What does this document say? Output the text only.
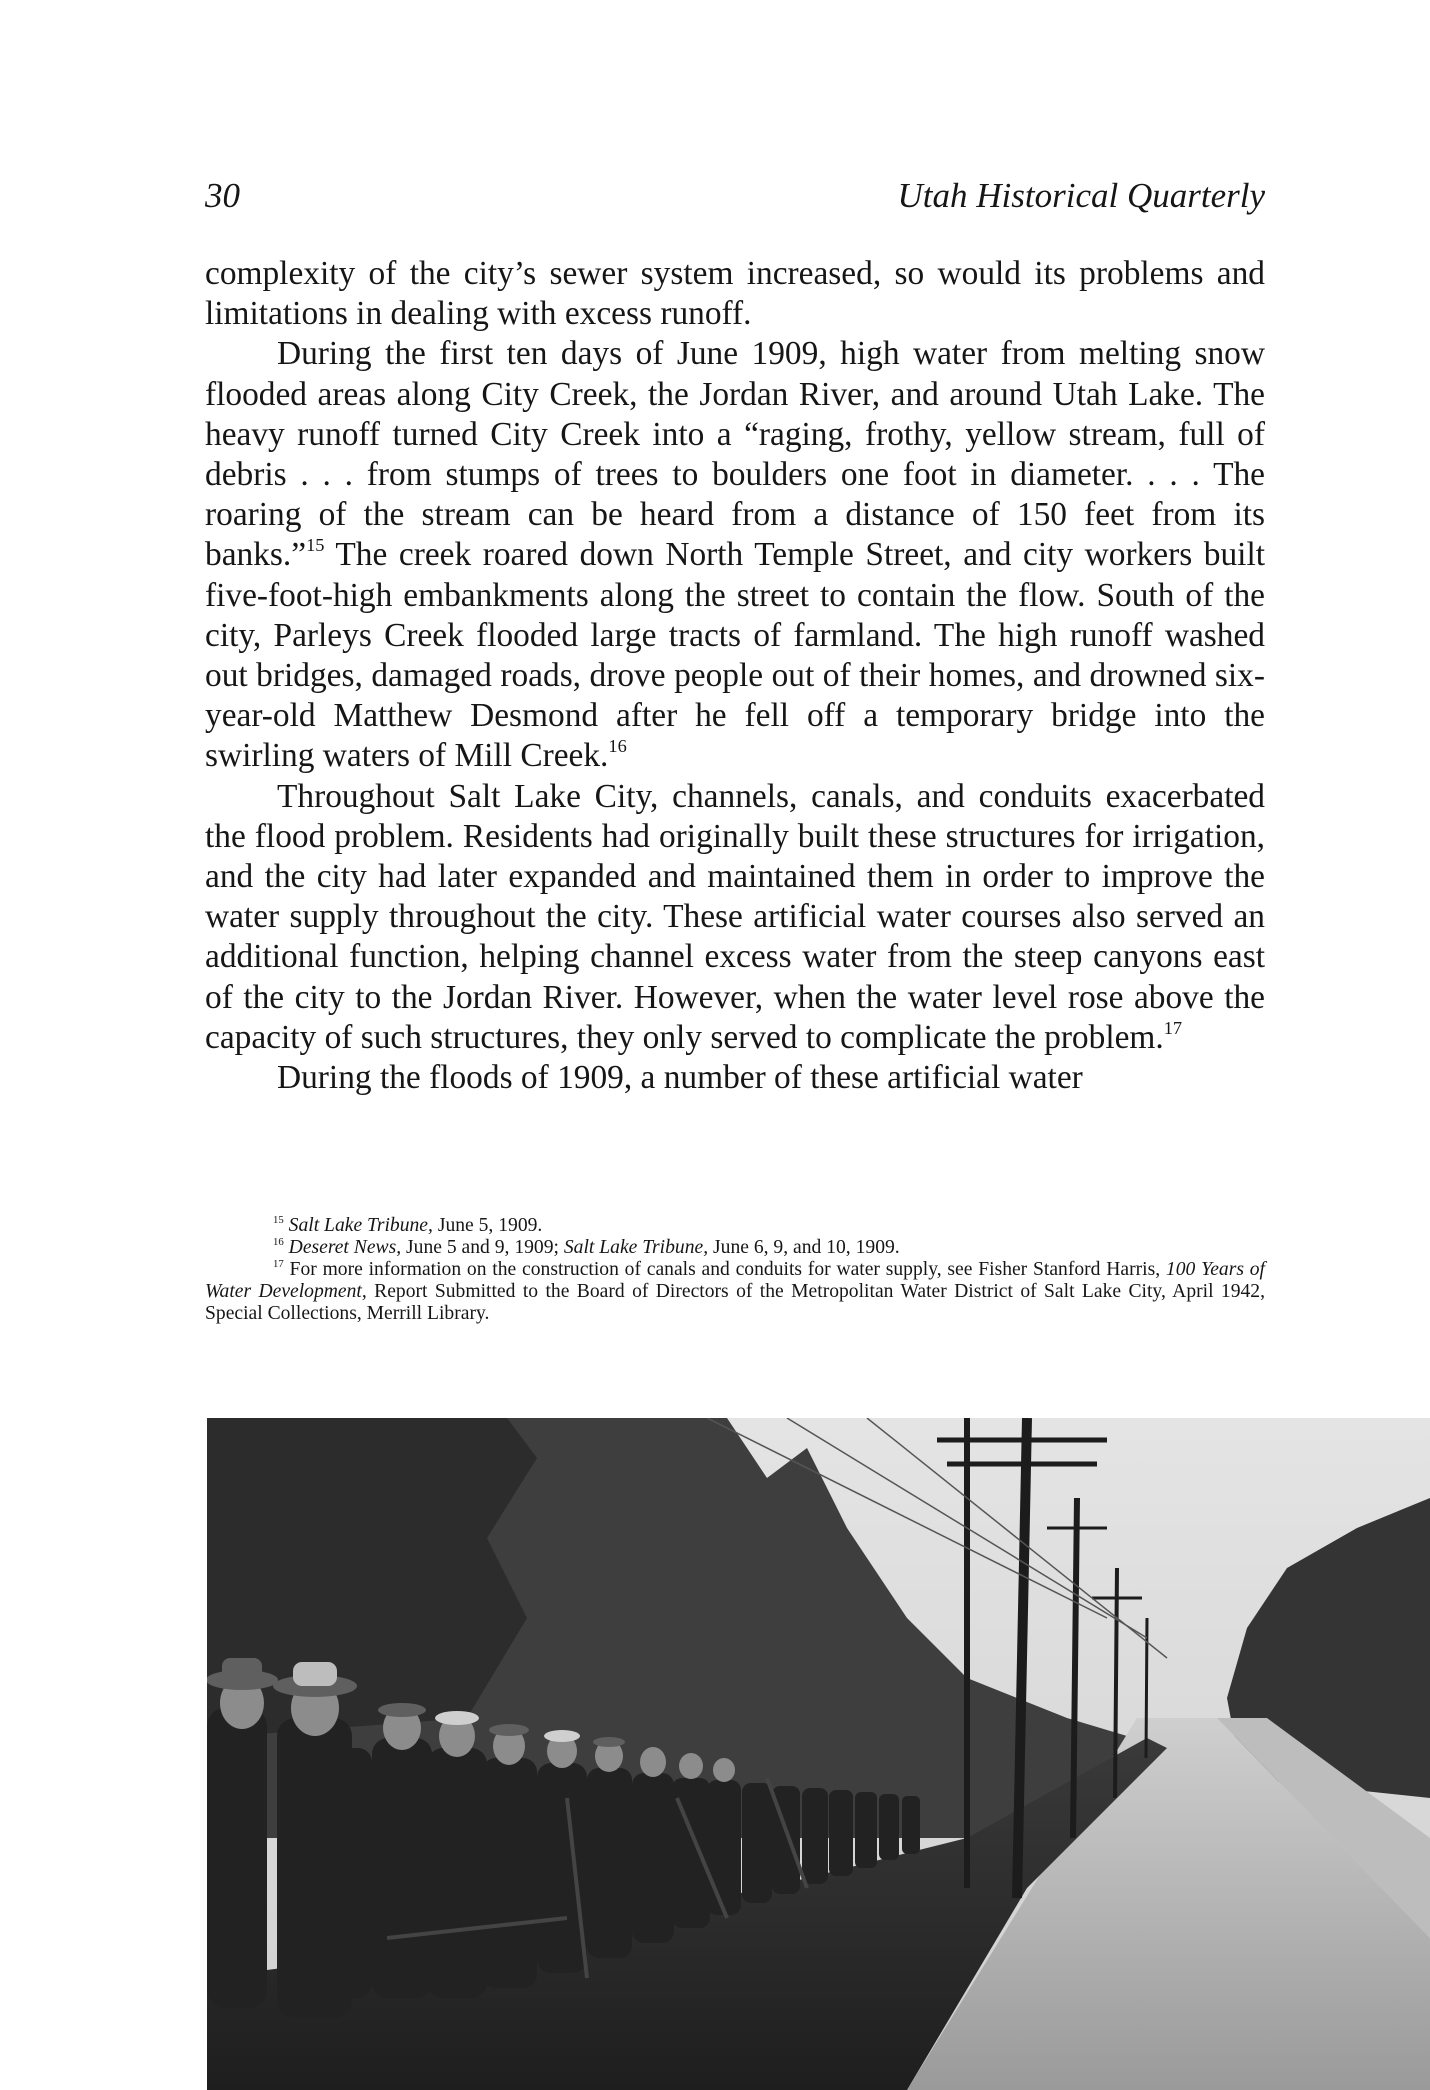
30	Utah Historical Quarterly

complexity of the city’s sewer system increased, so would its problems and limitations in dealing with excess runoff.

During the first ten days of June 1909, high water from melting snow flooded areas along City Creek, the Jordan River, and around Utah Lake. The heavy runoff turned City Creek into a “raging, frothy, yellow stream, full of debris . . . from stumps of trees to boulders one foot in diameter. . . . The roaring of the stream can be heard from a distance of 150 feet from its banks.”$^{15}$ The creek roared down North Temple Street, and city workers built five-foot-high embankments along the street to contain the flow. South of the city, Parleys Creek flooded large tracts of farmland. The high runoff washed out bridges, damaged roads, drove people out of their homes, and drowned six-year-old Matthew Desmond after he fell off a temporary bridge into the swirling waters of Mill Creek.$^{16}$

Throughout Salt Lake City, channels, canals, and conduits exacerbated the flood problem. Residents had originally built these structures for irrigation, and the city had later expanded and maintained them in order to improve the water supply throughout the city. These artificial water courses also served an additional function, helping channel excess water from the steep canyons east of the city to the Jordan River. However, when the water level rose above the capacity of such structures, they only served to complicate the problem.$^{17}$

During the floods of 1909, a number of these artificial water

$^{15}$ Salt Lake Tribune, June 5, 1909.

$^{16}$ Deseret News, June 5 and 9, 1909; Salt Lake Tribune, June 6, 9, and 10, 1909.

$^{17}$ For more information on the construction of canals and conduits for water supply, see Fisher Stanford Harris, 100 Years of Water Development, Report Submitted to the Board of Directors of the Metropolitan Water District of Salt Lake City, April 1942, Special Collections, Merrill Library.
